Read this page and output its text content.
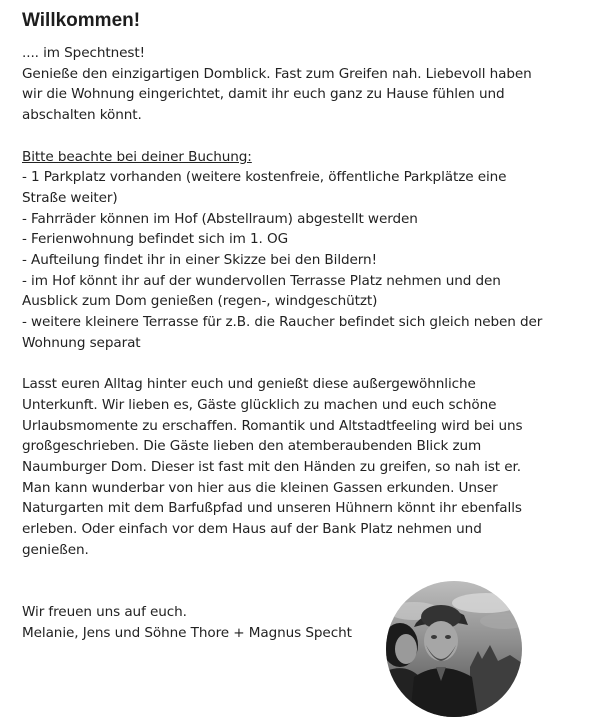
Willkommen!
.... im Spechtnest!
Genieße den einzigartigen Domblick. Fast zum Greifen nah. Liebevoll haben
wir die Wohnung eingerichtet, damit ihr euch ganz zu Hause fühlen und
abschalten könnt.
Bitte beachte bei deiner Buchung:
- 1 Parkplatz vorhanden (weitere kostenfreie, öffentliche Parkplätze eine
Straße weiter)
- Fahrräder können im Hof (Abstellraum) abgestellt werden
- Ferienwohnung befindet sich im 1. OG
- Aufteilung findet ihr in einer Skizze bei den Bildern!
- im Hof könnt ihr auf der wundervollen Terrasse Platz nehmen und den
Ausblick zum Dom genießen (regen-, windgeschützt)
- weitere kleinere Terrasse für z.B. die Raucher befindet sich gleich neben der
Wohnung separat
Lasst euren Alltag hinter euch und genießt diese außergewöhnliche
Unterkunft. Wir lieben es, Gäste glücklich zu machen und euch schöne
Urlaubsmomente zu erschaffen. Romantik und Altstadtfeeling wird bei uns
großgeschrieben. Die Gäste lieben den atemberaubenden Blick zum
Naumburger Dom. Dieser ist fast mit den Händen zu greifen, so nah ist er.
Man kann wunderbar von hier aus die kleinen Gassen erkunden. Unser
Naturgarten mit dem Barfußpfad und unseren Hühnern könnt ihr ebenfalls
erleben. Oder einfach vor dem Haus auf der Bank Platz nehmen und
genießen.
Wir freuen uns auf euch.
Melanie, Jens und Söhne Thore + Magnus Specht
